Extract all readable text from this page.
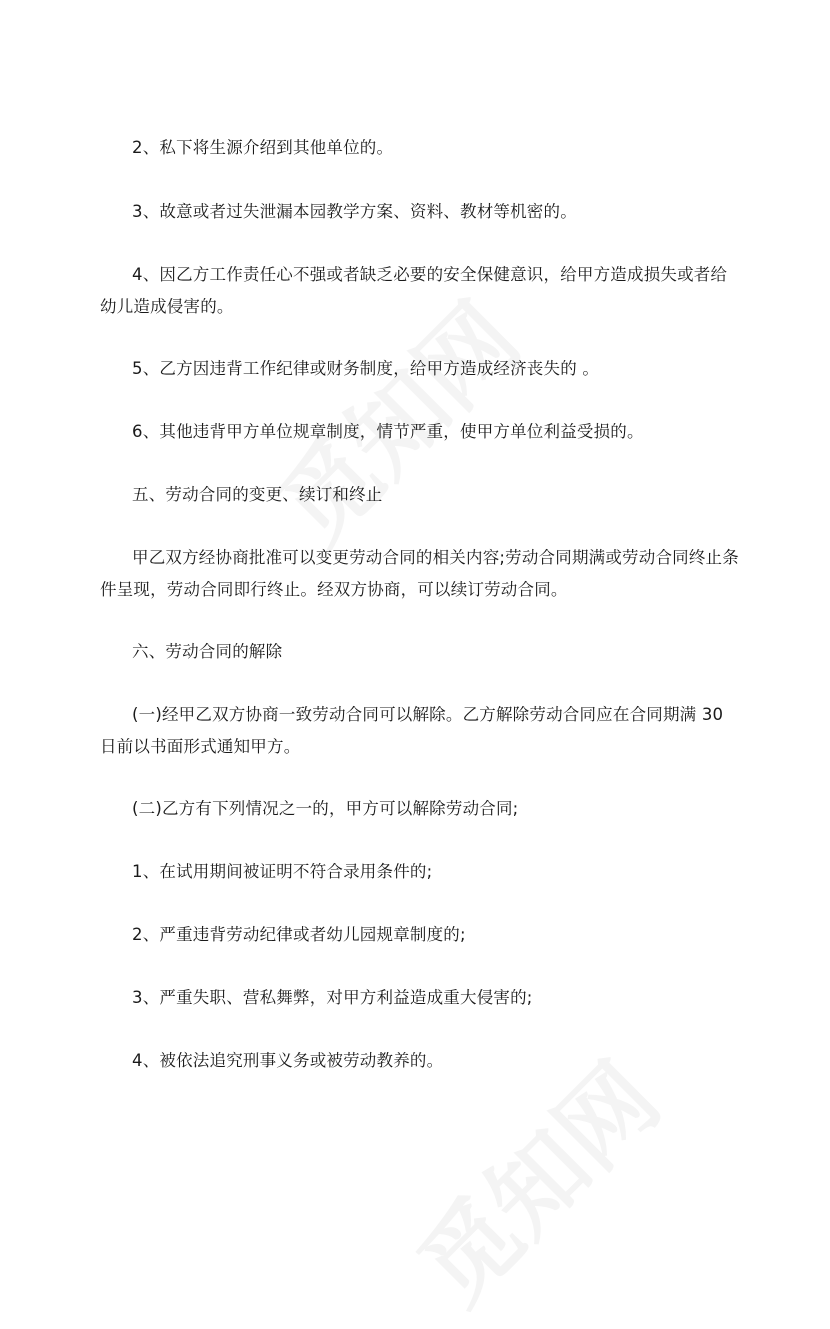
2、私下将生源介绍到其他单位的。

3、故意或者过失泄漏本园教学方案、资料、教材等机密的。

4、因乙方工作责任心不强或者缺乏必要的安全保健意识，给甲方造成损失或者给幼儿造成侵害的。

5、乙方因违背工作纪律或财务制度，给甲方造成经济丧失的 。

6、其他违背甲方单位规章制度，情节严重，使甲方单位利益受损的。

五、劳动合同的变更、续订和终止

甲乙双方经协商批准可以变更劳动合同的相关内容;劳动合同期满或劳动合同终止条件呈现，劳动合同即行终止。经双方协商，可以续订劳动合同。

六、劳动合同的解除

(一)经甲乙双方协商一致劳动合同可以解除。乙方解除劳动合同应在合同期满 30 日前以书面形式通知甲方。

(二)乙方有下列情况之一的，甲方可以解除劳动合同;

1、在试用期间被证明不符合录用条件的;

2、严重违背劳动纪律或者幼儿园规章制度的;

3、严重失职、营私舞弊，对甲方利益造成重大侵害的;

4、被依法追究刑事义务或被劳动教养的。
